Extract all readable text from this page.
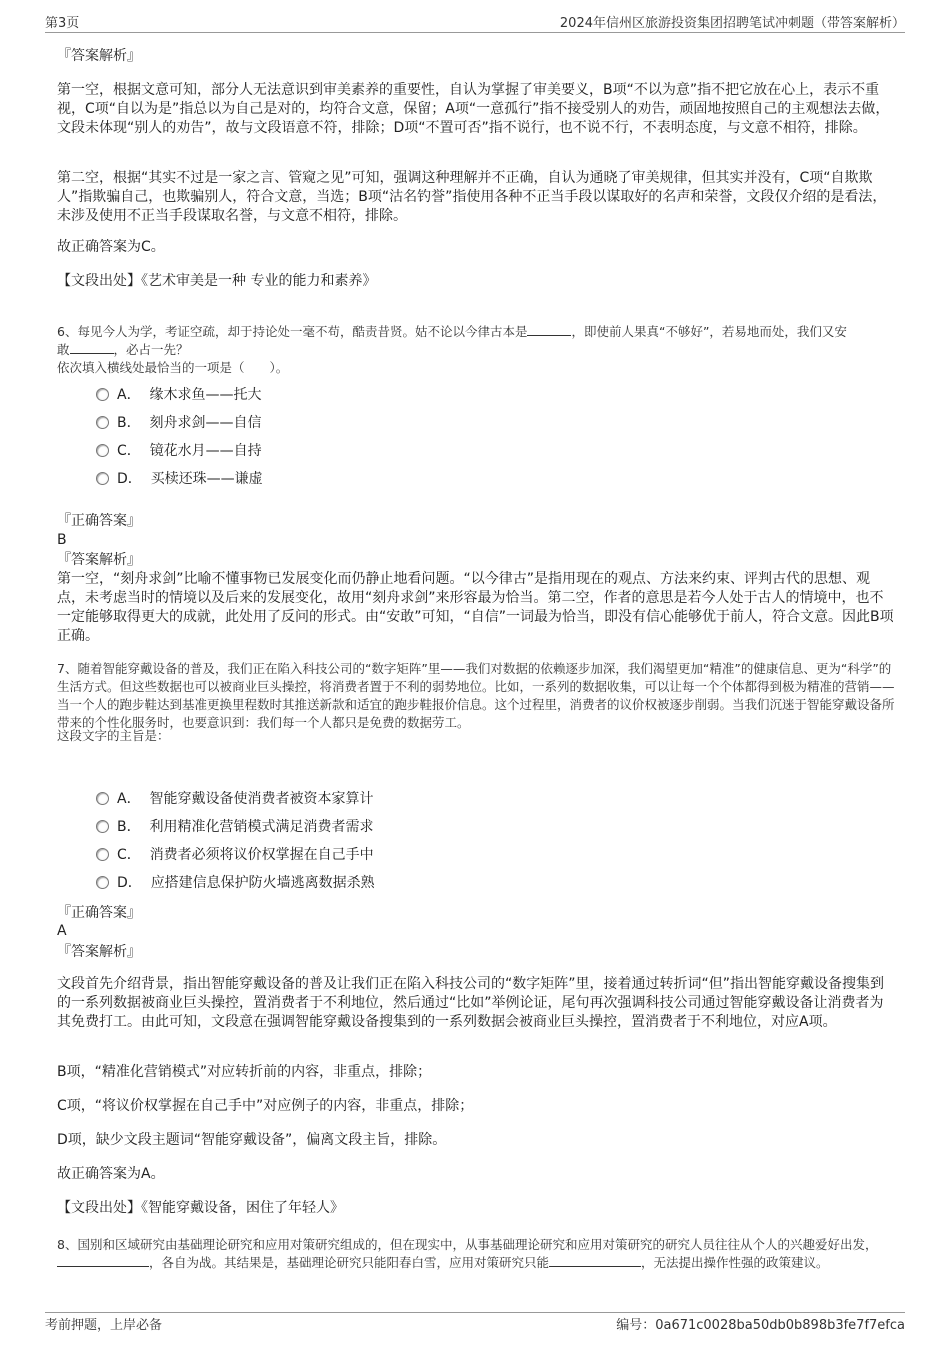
第3页	2024年信州区旅游投资集团招聘笔试冲刺题（带答案解析）
『答案解析』
第一空，根据文意可知，部分人无法意识到审美素养的重要性，自认为掌握了审美要义，B项“不以为意”指不把它放在心上，表示不重视，C项“自以为是”指总以为自己是对的，均符合文意，保留；A项“一意孤行”指不接受别人的劝告，顽固地按照自己的主观想法去做，文段未体现“别人的劝告”，故与文段语意不符，排除；D项“不置可否”指不说行，也不说不行，不表明态度，与文意不相符，排除。
第二空，根据“其实不过是一家之言、管窥之见”可知，强调这种理解并不正确，自认为通晓了审美规律，但其实并没有，C项“自欺欺人”指欺骗自己，也欺骗别人，符合文意，当选；B项“沽名钓誉”指使用各种不正当手段以谋取好的名声和荣誉，文段仅介绍的是看法，未涉及使用不正当手段谋取名誉，与文意不相符，排除。
故正确答案为C。
【文段出处】《艺术审美是一种 专业的能力和素养》
6、每见今人为学，考证空疏，却于持论处一毫不苟，酷责昔贤。姑不论以今律古本是	，即使前人果真“不够好”，若易地而处，我们又安
敢	，必占一先？
依次填入横线处最恰当的一项是（　　）。
A． 缘木求鱼——托大
B． 刻舟求剑——自信
C． 镜花水月——自持
D． 买椟还珠——谦虚
『正确答案』
B
『答案解析』
第一空，“刻舟求剑”比喻不懂事物已发展变化而仍静止地看问题。“以今律古”是指用现在的观点、方法来约束、评判古代的思想、观点，未考虑当时的情境以及后来的发展变化，故用“刻舟求剑”来形容最为恰当。第二空，作者的意思是若今人处于古人的情境中，也不一定能够取得更大的成就，此处用了反问的形式。由“安敢”可知，“自信”一词最为恰当，即没有信心能够优于前人，符合文意。因此B项正确。
7、随着智能穿戴设备的普及，我们正在陷入科技公司的“数字矩阵”里——我们对数据的依赖逐步加深，我们渴望更加“精准”的健康信息、更为“科学”的生活方式。但这些数据也可以被商业巨头操控，将消费者置于不利的弱势地位。比如，一系列的数据收集，可以让每一个个体都得到极为精准的营销——当一个人的跑步鞋达到基准更换里程数时其推送新款和适宜的跑步鞋报价信息。这个过程里，消费者的议价权被逐步削弱。当我们沉迷于智能穿戴设备所带来的个性化服务时，也要意识到：我们每一个人都只是免费的数据劳工。
这段文字的主旨是：
A． 智能穿戴设备使消费者被资本家算计
B． 利用精准化营销模式满足消费者需求
C． 消费者必须将议价权掌握在自己手中
D． 应搭建信息保护防火墙逃离数据杀熟
『正确答案』
A
『答案解析』
文段首先介绍背景，指出智能穿戴设备的普及让我们正在陷入科技公司的“数字矩阵”里，接着通过转折词“但”指出智能穿戴设备搜集到的一系列数据被商业巨头操控，置消费者于不利地位，然后通过“比如”举例论证，尾句再次强调科技公司通过智能穿戴设备让消费者为其免费打工。由此可知，文段意在强调智能穿戴设备搜集到的一系列数据会被商业巨头操控，置消费者于不利地位，对应A项。
B项，“精准化营销模式”对应转折前的内容，非重点，排除；
C项，“将议价权掌握在自己手中”对应例子的内容，非重点，排除；
D项，缺少文段主题词“智能穿戴设备”，偏离文段主旨，排除。
故正确答案为A。
【文段出处】《智能穿戴设备，困住了年轻人》
8、国别和区域研究由基础理论研究和应用对策研究组成的，但在现实中，从事基础理论研究和应用对策研究的研究人员往往从个人的兴趣爱好出发，，各自为战。其结果是，基础理论研究只能阳春白雪，应用对策研究只能	，无法提出操作性强的政策建议。
考前押题，上岸必备	编号：0a671c0028ba50db0b898b3fe7f7efca
